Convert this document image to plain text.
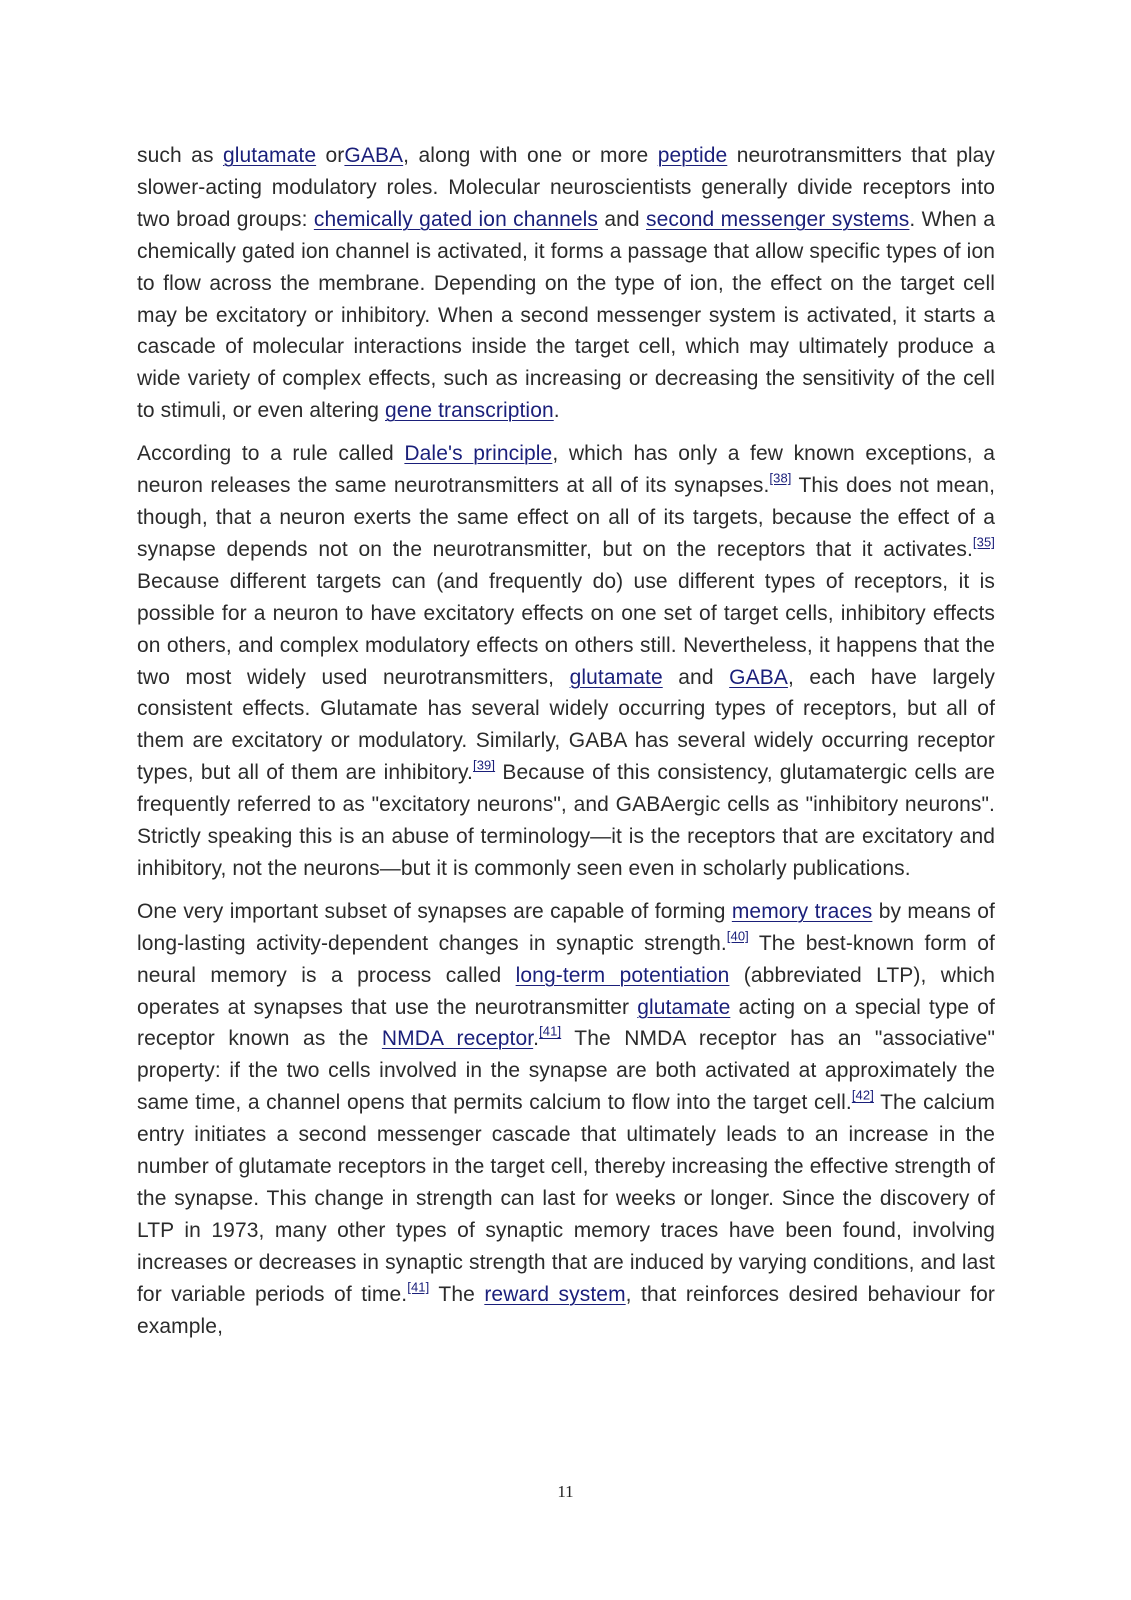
such as glutamate orGABA, along with one or more peptide neurotransmitters that play slower-acting modulatory roles. Molecular neuroscientists generally divide receptors into two broad groups: chemically gated ion channels and second messenger systems. When a chemically gated ion channel is activated, it forms a passage that allow specific types of ion to flow across the membrane. Depending on the type of ion, the effect on the target cell may be excitatory or inhibitory. When a second messenger system is activated, it starts a cascade of molecular interactions inside the target cell, which may ultimately produce a wide variety of complex effects, such as increasing or decreasing the sensitivity of the cell to stimuli, or even altering gene transcription.

According to a rule called Dale's principle, which has only a few known exceptions, a neuron releases the same neurotransmitters at all of its synapses.[38] This does not mean, though, that a neuron exerts the same effect on all of its targets, because the effect of a synapse depends not on the neurotransmitter, but on the receptors that it activates.[35] Because different targets can (and frequently do) use different types of receptors, it is possible for a neuron to have excitatory effects on one set of target cells, inhibitory effects on others, and complex modulatory effects on others still. Nevertheless, it happens that the two most widely used neurotransmitters, glutamate and GABA, each have largely consistent effects. Glutamate has several widely occurring types of receptors, but all of them are excitatory or modulatory. Similarly, GABA has several widely occurring receptor types, but all of them are inhibitory.[39] Because of this consistency, glutamatergic cells are frequently referred to as "excitatory neurons", and GABAergic cells as "inhibitory neurons". Strictly speaking this is an abuse of terminology—it is the receptors that are excitatory and inhibitory, not the neurons—but it is commonly seen even in scholarly publications.

One very important subset of synapses are capable of forming memory traces by means of long-lasting activity-dependent changes in synaptic strength.[40] The best-known form of neural memory is a process called long-term potentiation (abbreviated LTP), which operates at synapses that use the neurotransmitter glutamate acting on a special type of receptor known as the NMDA receptor.[41] The NMDA receptor has an "associative" property: if the two cells involved in the synapse are both activated at approximately the same time, a channel opens that permits calcium to flow into the target cell.[42] The calcium entry initiates a second messenger cascade that ultimately leads to an increase in the number of glutamate receptors in the target cell, thereby increasing the effective strength of the synapse. This change in strength can last for weeks or longer. Since the discovery of LTP in 1973, many other types of synaptic memory traces have been found, involving increases or decreases in synaptic strength that are induced by varying conditions, and last for variable periods of time.[41] The reward system, that reinforces desired behaviour for example,

11
